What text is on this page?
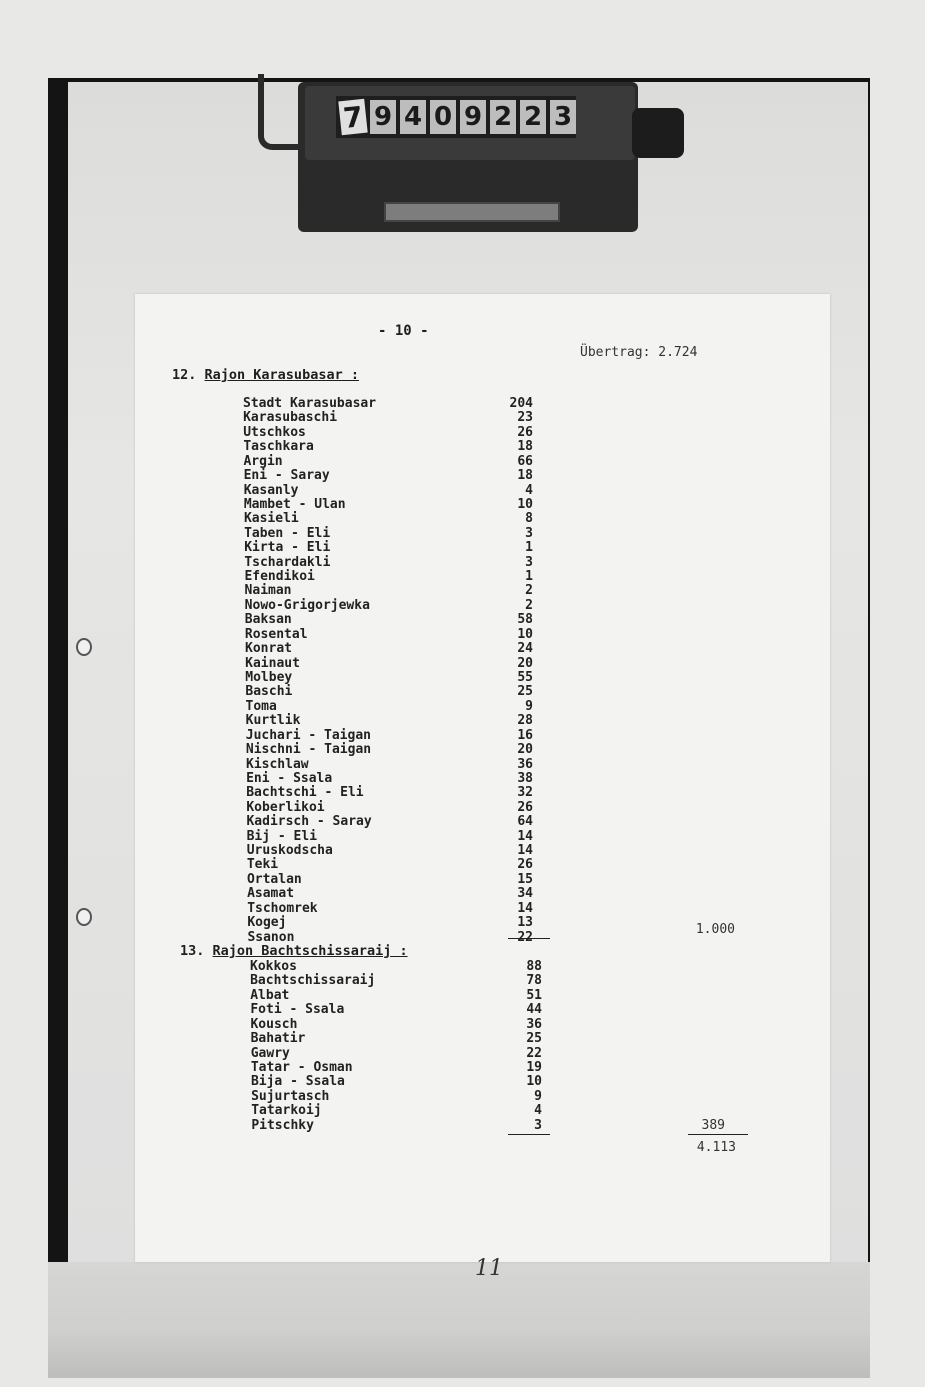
7 9 4 0 9 2 2 3
- 10 -
Übertrag: 2.724
12. Rajon Karasubasar :
13. Rajon Bachtschissaraij :
Stadt Karasubasar	204
Karasubaschi	23
Utschkos	26
Taschkara	18
Argin	66
Eni - Saray	18
Kasanly	4
Mambet - Ulan	10
Kasieli	8
Taben - Eli	3
Kirta - Eli	1
Tschardakli	3
Efendikoi	1
Naiman	2
Nowo-Grigorjewka	2
Baksan	58
Rosental	10
Konrat	24
Kainaut	20
Molbey	55
Baschi	25
Toma	9
Kurtlik	28
Juchari - Taigan	16
Nischni - Taigan	20
Kischlaw	36
Eni - Ssala	38
Bachtschi - Eli	32
Koberlikoi	26
Kadirsch - Saray	64
Bij - Eli	14
Uruskodscha	14
Teki	26
Ortalan	15
Asamat	34
Tschomrek	14
Kogej	13
Ssanon	22
Kokkos	88
Bachtschissaraij	78
Albat	51
Foti - Ssala	44
Kousch	36
Bahatir	25
Gawry	22
Tatar - Osman	19
Bija - Ssala	10
Sujurtasch	9
Tatarkoij	4
Pitschky	3
1.000
389
4.113
11
